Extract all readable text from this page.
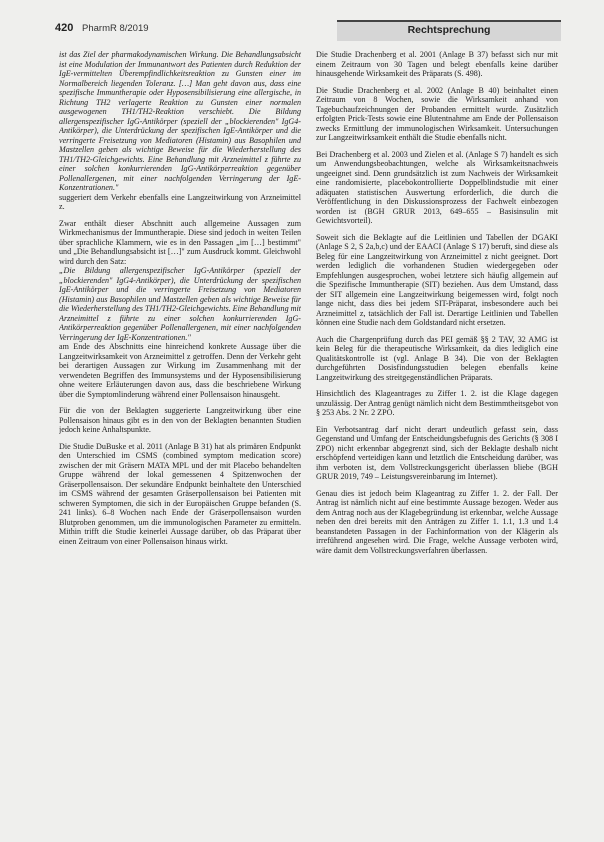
420 PharmR 8/2019	Rechtsprechung

ist das Ziel der pharmakodynamischen Wirkung. Die Behandlungsabsicht ist eine Modulation der Immunantwort des Patienten durch Reduktion der IgE-vermittelten Überempfindlichkeitsreaktion zu Gunsten einer im Normalbereich liegenden Toleranz. […] Man geht davon aus, dass eine spezifische Immuntherapie oder Hyposensibilisierung eine allergische, in Richtung TH2 verlagerte Reaktion zu Gunsten einer normalen ausgewogenen TH1/TH2-Reaktion verschiebt. Die Bildung allergenspezifischer IgG-Antikörper (speziell der „blockierenden" IgG4-Antikörper), die Unterdrückung der spezifischen IgE-Antikörper und die verringerte Freisetzung von Mediatoren (Histamin) aus Basophilen und Mastzellen geben als wichtige Beweise für die Wiederherstellung des TH1/TH2-Gleichgewichts. Eine Behandlung mit Arzneimittel z führte zu einer solchen konkurrierenden IgG-Antikörperreaktion gegenüber Pollenallergenen, mit einer nachfolgenden Verringerung der IgE-Konzentrationen."

suggeriert dem Verkehr ebenfalls eine Langzeitwirkung von Arzneimittel z.

Zwar enthält dieser Abschnitt auch allgemeine Aussagen zum Wirkmechanismus der Immuntherapie. Diese sind jedoch in weiten Teilen über sprachliche Klammern, wie es in den Passagen „im […] bestimmt" und „Die Behandlungsabsicht ist […]" zum Ausdruck kommt. Gleichwohl wird durch den Satz:

„Die Bildung allergenspezifischer IgG-Antikörper (speziell der „blockierenden" IgG4-Antikörper), die Unterdrückung der spezifischen IgE-Antikörper und die verringerte Freisetzung von Mediatoren (Histamin) aus Basophilen und Mastzellen geben als wichtige Beweise für die Wiederherstellung des TH1/TH2-Gleichgewichts. Eine Behandlung mit Arzneimittel z führte zu einer solchen konkurrierenden IgG-Antikörperreaktion gegenüber Pollenallergenen, mit einer nachfolgenden Verringerung der IgE-Konzentrationen."

am Ende des Abschnitts eine hinreichend konkrete Aussage über die Langzeitwirksamkeit von Arzneimittel z getroffen. Denn der Verkehr geht bei derartigen Aussagen zur Wirkung im Zusammenhang mit der verwendeten Begriffen des Immunsystems und der Hyposensibilisierung ohne weitere Erläuterungen davon aus, dass die beschriebene Wirkung über die Symptomlinderung während einer Pollensaison hinausgeht.

Für die von der Beklagten suggerierte Langzeitwirkung über eine Pollensaison hinaus gibt es in den von der Beklagten benannten Studien jedoch keine Anhaltspunkte.

Die Studie DuBuske et al. 2011 (Anlage B 31) hat als primären Endpunkt den Unterschied im CSMS (combined symptom medication score) zwischen der mit Gräsern MATA MPL und der mit Placebo behandelten Gruppe während der lokal gemessenen 4 Spitzenwochen der Gräserpollensaison. Der sekundäre Endpunkt beinhaltete den Unterschied im CSMS während der gesamten Gräserpollensaison bei Patienten mit schweren Symptomen, die sich in der Europäischen Gruppe befanden (S. 241 links). 6–8 Wochen nach Ende der Gräserpollensaison wurden Blutproben genommen, um die immunologischen Parameter zu ermitteln. Mithin trifft die Studie keinerlei Aussage darüber, ob das Präparat über einen Zeitraum von einer Pollensaison hinaus wirkt.

Die Studie Drachenberg et al. 2001 (Anlage B 37) befasst sich nur mit einem Zeitraum von 30 Tagen und belegt ebenfalls keine darüber hinausgehende Wirksamkeit des Präparats (S. 498).

Die Studie Drachenberg et al. 2002 (Anlage B 40) beinhaltet einen Zeitraum von 8 Wochen, sowie die Wirksamkeit anhand von Tagebuchaufzeichnungen der Probanden ermittelt wurde. Zusätzlich erfolgten Prick-Tests sowie eine Blutentnahme am Ende der Pollensaison zwecks Ermittlung der immunologischen Wirksamkeit. Untersuchungen zur Langzeitwirksamkeit enthält die Studie ebenfalls nicht.

Bei Drachenberg et al. 2003 und Zielen et al. (Anlage S 7) handelt es sich um Anwendungsbeobachtungen, welche als Wirksamkeitsnachweis ungeeignet sind. Denn grundsätzlich ist zum Nachweis der Wirksamkeit eine randomisierte, placebokontrollierte Doppelblindstudie mit einer adäquaten statistischen Auswertung erforderlich, die durch die Veröffentlichung in den Diskussionsprozess der Fachwelt einbezogen worden ist (BGH GRUR 2013, 649–655 – Basisinsulin mit Gewichtsvorteil).

Soweit sich die Beklagte auf die Leitlinien und Tabellen der DGAKI (Anlage S 2, S 2a,b,c) und der EAACI (Anlage S 17) beruft, sind diese als Beleg für eine Langzeitwirkung von Arzneimittel z nicht geeignet. Dort werden lediglich die vorhandenen Studien wiedergegeben oder Empfehlungen ausgesprochen, wobei letztere sich häufig allgemein auf die Spezifische Immuntherapie (SIT) beziehen. Aus dem Umstand, dass der SIT allgemein eine Langzeitwirkung beigemessen wird, folgt noch lange nicht, dass dies bei jedem SIT-Präparat, insbesondere auch bei Arzneimittel z, tatsächlich der Fall ist. Derartige Leitlinien und Tabellen können eine Studie nach dem Goldstandard nicht ersetzen.

Auch die Chargenprüfung durch das PEI gemäß §§ 2 TAV, 32 AMG ist kein Beleg für die therapeutische Wirksamkeit, da dies lediglich eine Qualitätskontrolle ist (vgl. Anlage B 34). Die von der Beklagten durchgeführten Dosisfindungsstudien belegen ebenfalls keine Langzeitwirkung des streitgegenständlichen Präparats.

Hinsichtlich des Klageantrages zu Ziffer 1. 2. ist die Klage dagegen unzulässig. Der Antrag genügt nämlich nicht dem Bestimmtheitsgebot von § 253 Abs. 2 Nr. 2 ZPO.

Ein Verbotsantrag darf nicht derart undeutlich gefasst sein, dass Gegenstand und Umfang der Entscheidungsbefugnis des Gerichts (§ 308 I ZPO) nicht erkennbar abgegrenzt sind, sich der Beklagte deshalb nicht erschöpfend verteidigen kann und letztlich die Entscheidung darüber, was ihm verboten ist, dem Vollstreckungsgericht überlassen bliebe (BGH GRUR 2019, 749 – Leistungsvereinbarung im Internet).

Genau dies ist jedoch beim Klageantrag zu Ziffer 1. 2. der Fall. Der Antrag ist nämlich nicht auf eine bestimmte Aussage bezogen. Weder aus dem Antrag noch aus der Klagebegründung ist erkennbar, welche Aussage neben den drei bereits mit den Anträgen zu Ziffer 1. 1.1, 1.3 und 1.4 beanstandeten Passagen in der Fachinformation von der Klägerin als irreführend angesehen wird. Die Frage, welche Aussage verboten wird, wäre damit dem Vollstreckungsverfahren überlassen.
